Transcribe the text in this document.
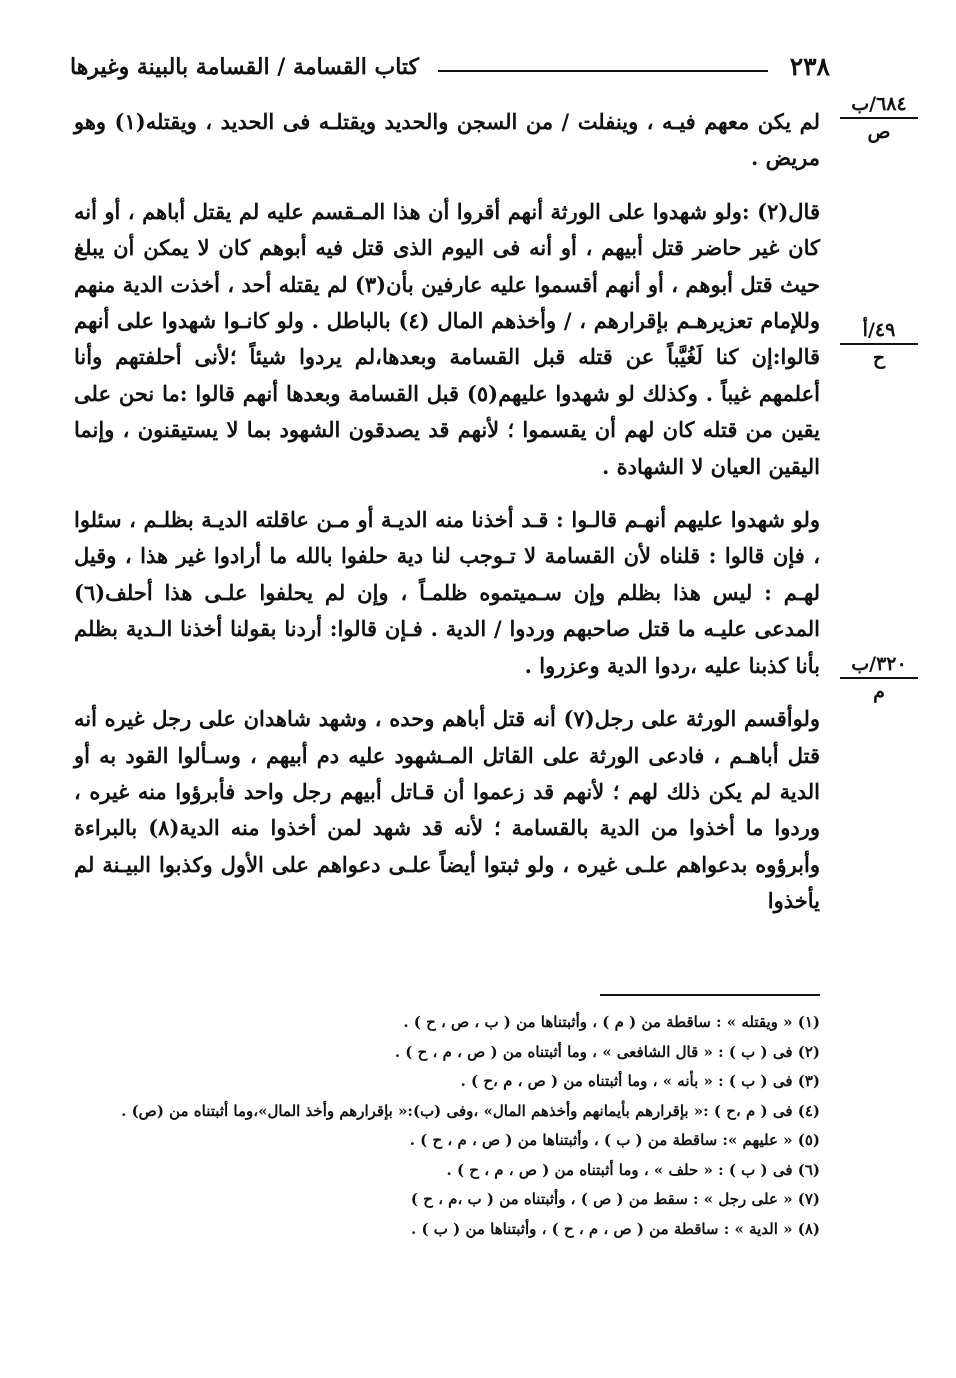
٢٣٨
كتاب القسامة / القسامة بالبينة وغيرها
٦٨٤/ب
ص
٤٩/أ
ح
٣٢٠/ب
م

لم يكن معهم فيـه ، وينفلت / من السجن والحديد ويقتلـه فى الحديد ، ويقتله(١) وهو مريض .

قال(٢) :ولو شهدوا على الورثة أنهم أقروا أن هذا المـقسم عليه لم يقتل أباهم ، أو أنه كان غير حاضر قتل أبيهم ، أو أنه فى اليوم الذى قتل فيه أبوهم كان لا يمكن أن يبلغ حيث قتل أبوهم ، أو أنهم أقسموا عليه عارفين بأن(٣) لم يقتله أحد ، أخذت الدية منهم وللإمام تعزيرهـم بإقرارهم ، / وأخذهم المال (٤) بالباطل . ولو كانـوا شهدوا على أنهم قالوا:إن كنا لَغُيَّباً عن قتله قبل القسامة وبعدها،لم يردوا شيئاً ؛لأنى أحلفتهم وأنا أعلمهم غيباً . وكذلك لو شهدوا عليهم(٥) قبل القسامة وبعدها أنهم قالوا :ما نحن على يقين من قتله كان لهم أن يقسموا ؛ لأنهم قد يصدقون الشهود بما لا يستيقنون ، وإنما اليقين العيان لا الشهادة .

ولو شهدوا عليهم أنهـم قالـوا : قـد أخذنا منه الديـة أو مـن عاقلته الديـة بظلـم ، سئلوا ، فإن قالوا : قلناه لأن القسامة لا تـوجب لنا دية حلفوا بالله ما أرادوا غير هذا ، وقيل لهـم : ليس هذا بظلم وإن سـميتموه ظلمـاً ، وإن لم يحلفوا علـى هذا أحلف(٦) المدعى عليـه ما قتل صاحبهم وردوا / الدية . فـإن قالوا: أردنا بقولنا أخذنا الـدية بظلم بأنا كذبنا عليه ،ردوا الدية وعزروا .

ولوأقسم الورثة على رجل(٧) أنه قتل أباهم وحده ، وشهد شاهدان على رجل غيره أنه قتل أباهـم ، فادعى الورثة على القاتل المـشهود عليه دم أبيهم ، وسـألوا القود به أو الدية لم يكن ذلك لهم ؛ لأنهم قد زعموا أن قـاتل أبيهم رجل واحد فأبرؤوا منه غيره ، وردوا ما أخذوا من الدية بالقسامة ؛ لأنه قد شهد لمن أخذوا منه الدية(٨) بالبراءة وأبرؤوه بدعواهم علـى غيره ، ولو ثبتوا أيضاً علـى دعواهم على الأول وكذبوا البيـنة لم يأخذوا

(١) « ويقتله » : ساقطة من ( م ) ، وأثبتناها من ( ب ، ص ، ح ) .
(٢) فى ( ب ) : « قال الشافعى » ، وما أثبتناه من ( ص ، م ، ح ) .
(٣) فى ( ب ) : « بأنه » ، وما أثبتناه من ( ص ، م ،ح ) .
(٤) فى ( م ،ح ) :« بإقرارهم بأيمانهم وأخذهم المال» ،وفى (ب):« بإقرارهم وأخذ المال»،وما أثبتناه من (ص) .
(٥) « عليهم »: ساقطة من ( ب ) ، وأثبتناها من ( ص ، م ، ح ) .
(٦) فى ( ب ) : « حلف » ، وما أثبتناه من ( ص ، م ، ح ) .
(٧) « على رجل » : سقط من ( ص ) ، وأثبتناه من ( ب ،م ، ح )
(٨) « الدية » : ساقطة من ( ص ، م ، ح ) ، وأثبتناها من ( ب ) .
